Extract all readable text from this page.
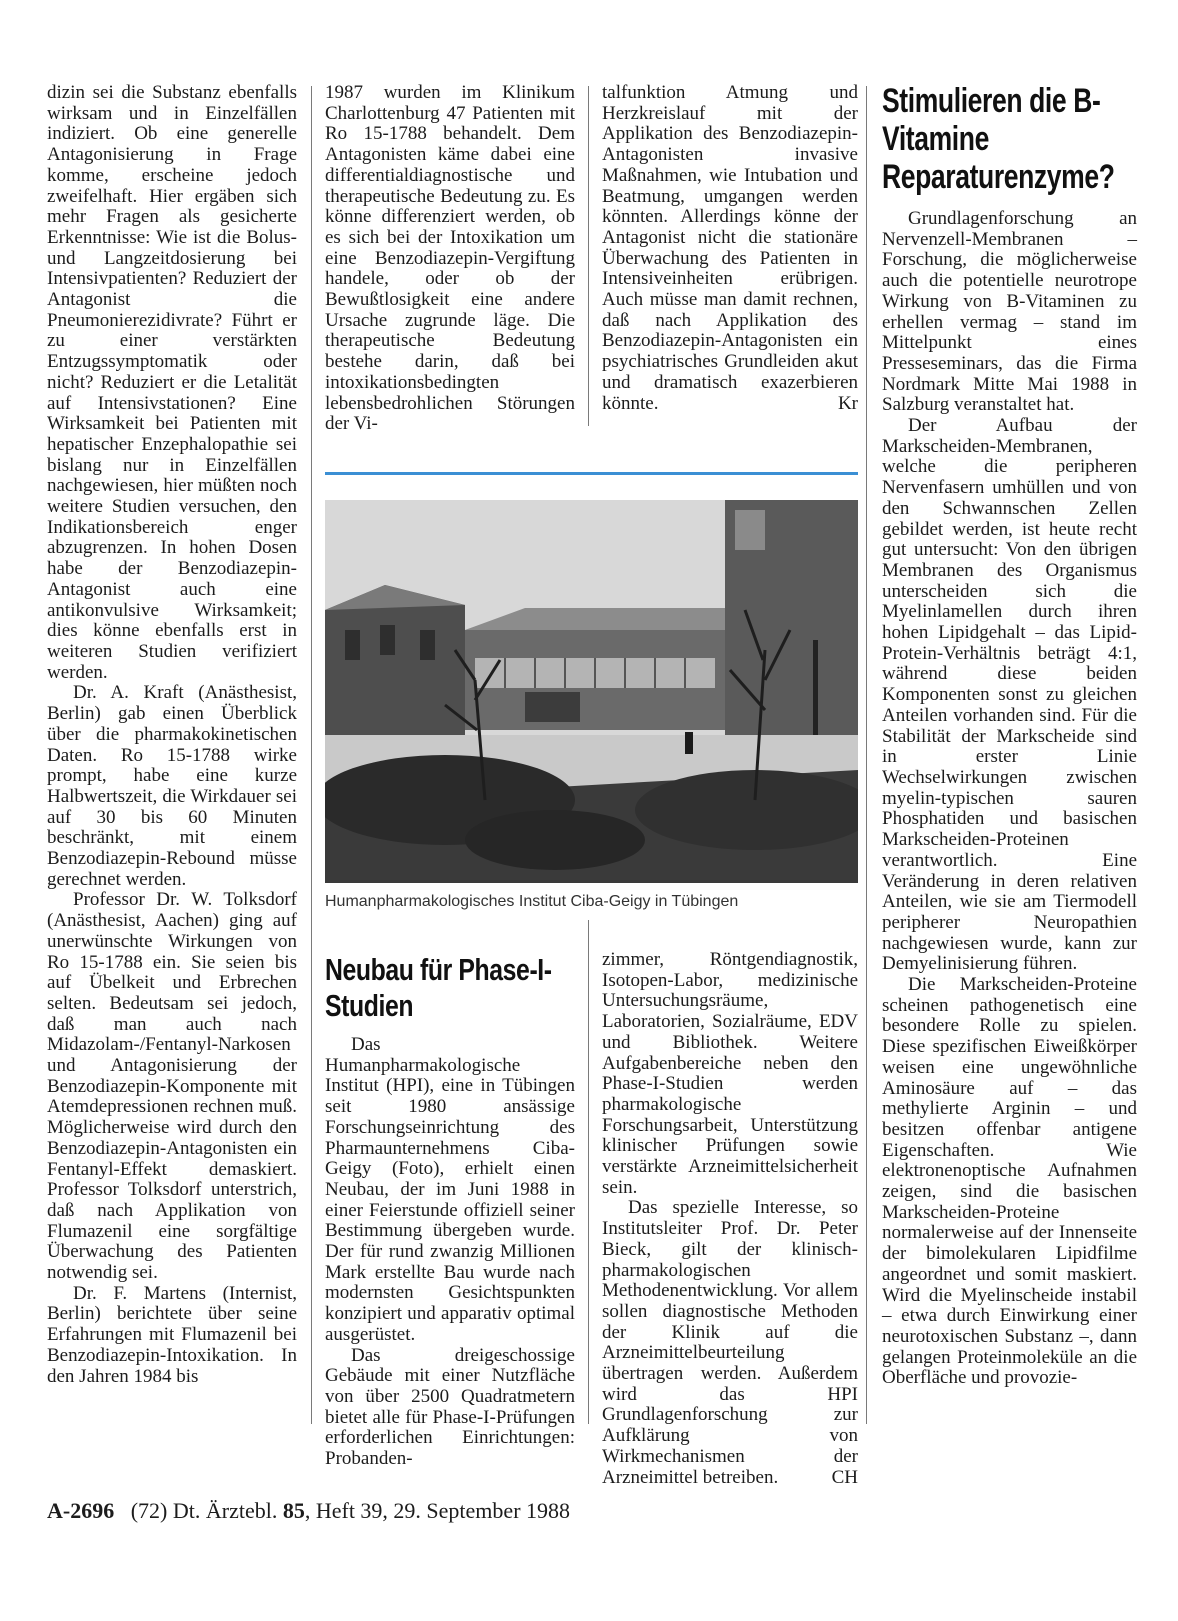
dizin sei die Substanz ebenfalls wirksam und in Einzelfällen indiziert. Ob eine generelle Antagonisierung in Frage komme, erscheine jedoch zweifelhaft. Hier ergäben sich mehr Fragen als gesicherte Erkenntnisse: Wie ist die Bolus- und Langzeitdosierung bei Intensivpatienten? Reduziert der Antagonist die Pneumonierezidivrate? Führt er zu einer verstärkten Entzugssymptomatik oder nicht? Reduziert er die Letalität auf Intensivstationen? Eine Wirksamkeit bei Patienten mit hepatischer Enzephalopathie sei bislang nur in Einzelfällen nachgewiesen, hier müßten noch weitere Studien versuchen, den Indikationsbereich enger abzugrenzen. In hohen Dosen habe der Benzodiazepin-Antagonist auch eine antikonvulsive Wirksamkeit; dies könne ebenfalls erst in weiteren Studien verifiziert werden.

Dr. A. Kraft (Anästhesist, Berlin) gab einen Überblick über die pharmakokinetischen Daten. Ro 15-1788 wirke prompt, habe eine kurze Halbwertszeit, die Wirkdauer sei auf 30 bis 60 Minuten beschränkt, mit einem Benzodiazepin-Rebound müsse gerechnet werden.

Professor Dr. W. Tolksdorf (Anästhesist, Aachen) ging auf unerwünschte Wirkungen von Ro 15-1788 ein. Sie seien bis auf Übelkeit und Erbrechen selten. Bedeutsam sei jedoch, daß man auch nach Midazolam-/Fentanyl-Narkosen und Antagonisierung der Benzodiazepin-Komponente mit Atemdepressionen rechnen muß. Möglicherweise wird durch den Benzodiazepin-Antagonisten ein Fentanyl-Effekt demaskiert. Professor Tolksdorf unterstrich, daß nach Applikation von Flumazenil eine sorgfältige Überwachung des Patienten notwendig sei.

Dr. F. Martens (Internist, Berlin) berichtete über seine Erfahrungen mit Flumazenil bei Benzodiazepin-Intoxikation. In den Jahren 1984 bis

1987 wurden im Klinikum Charlottenburg 47 Patienten mit Ro 15-1788 behandelt. Dem Antagonisten käme dabei eine differentialdiagnostische und therapeutische Bedeutung zu. Es könne differenziert werden, ob es sich bei der Intoxikation um eine Benzodiazepin-Vergiftung handele, oder ob der Bewußtlosigkeit eine andere Ursache zugrunde läge. Die therapeutische Bedeutung bestehe darin, daß bei intoxikationsbedingten lebensbedrohlichen Störungen der Vi-

talfunktion Atmung und Herzkreislauf mit der Applikation des Benzodiazepin-Antagonisten invasive Maßnahmen, wie Intubation und Beatmung, umgangen werden könnten. Allerdings könne der Antagonist nicht die stationäre Überwachung des Patienten in Intensiveinheiten erübrigen. Auch müsse man damit rechnen, daß nach Applikation des Benzodiazepin-Antagonisten ein psychiatrisches Grundleiden akut und dramatisch exazerbieren könnte.	Kr

Stimulieren die B-Vitamine Reparaturenzyme?

Grundlagenforschung an Nervenzell-Membranen – Forschung, die möglicherweise auch die potentielle neurotrope Wirkung von B-Vitaminen zu erhellen vermag – stand im Mittelpunkt eines Presseseminars, das die Firma Nordmark Mitte Mai 1988 in Salzburg veranstaltet hat.

Der Aufbau der Markscheiden-Membranen, welche die peripheren Nervenfasern umhüllen und von den Schwannschen Zellen gebildet werden, ist heute recht gut untersucht: Von den übrigen Membranen des Organismus unterscheiden sich die Myelinlamellen durch ihren hohen Lipidgehalt – das Lipid-Protein-Verhältnis beträgt 4:1, während diese beiden Komponenten sonst zu gleichen Anteilen vorhanden sind. Für die Stabilität der Markscheide sind in erster Linie Wechselwirkungen zwischen myelin-typischen sauren Phosphatiden und basischen Markscheiden-Proteinen verantwortlich. Eine Veränderung in deren relativen Anteilen, wie sie am Tiermodell peripherer Neuropathien nachgewiesen wurde, kann zur Demyelinisierung führen.

Die Markscheiden-Proteine scheinen pathogenetisch eine besondere Rolle zu spielen. Diese spezifischen Eiweißkörper weisen eine ungewöhnliche Aminosäure auf – das methylierte Arginin – und besitzen offenbar antigene Eigenschaften. Wie elektronenoptische Aufnahmen zeigen, sind die basischen Markscheiden-Proteine normalerweise auf der Innenseite der bimolekularen Lipidfilme angeordnet und somit maskiert. Wird die Myelinscheide instabil – etwa durch Einwirkung einer neurotoxischen Substanz –, dann gelangen Proteinmoleküle an die Oberfläche und provozie-

Humanpharmakologisches Institut Ciba-Geigy in Tübingen
Neubau für Phase-I-Studien

Das Humanpharmakologische Institut (HPI), eine in Tübingen seit 1980 ansässige Forschungseinrichtung des Pharmaunternehmens Ciba-Geigy (Foto), erhielt einen Neubau, der im Juni 1988 in einer Feierstunde offiziell seiner Bestimmung übergeben wurde. Der für rund zwanzig Millionen Mark erstellte Bau wurde nach modernsten Gesichtspunkten konzipiert und apparativ optimal ausgerüstet.

Das dreigeschossige Gebäude mit einer Nutzfläche von über 2500 Quadratmetern bietet alle für Phase-I-Prüfungen erforderlichen Einrichtungen: Probanden-

zimmer, Röntgendiagnostik, Isotopen-Labor, medizinische Untersuchungsräume, Laboratorien, Sozialräume, EDV und Bibliothek. Weitere Aufgabenbereiche neben den Phase-I-Studien werden pharmakologische Forschungsarbeit, Unterstützung klinischer Prüfungen sowie verstärkte Arzneimittelsicherheit sein.

Das spezielle Interesse, so Institutsleiter Prof. Dr. Peter Bieck, gilt der klinisch-pharmakologischen Methodenentwicklung. Vor allem sollen diagnostische Methoden der Klinik auf die Arzneimittelbeurteilung übertragen werden. Außerdem wird das HPI Grundlagenforschung zur Aufklärung von Wirkmechanismen der Arzneimittel betreiben.	CH

A-2696 (72) Dt. Ärztebl. 85, Heft 39, 29. September 1988
